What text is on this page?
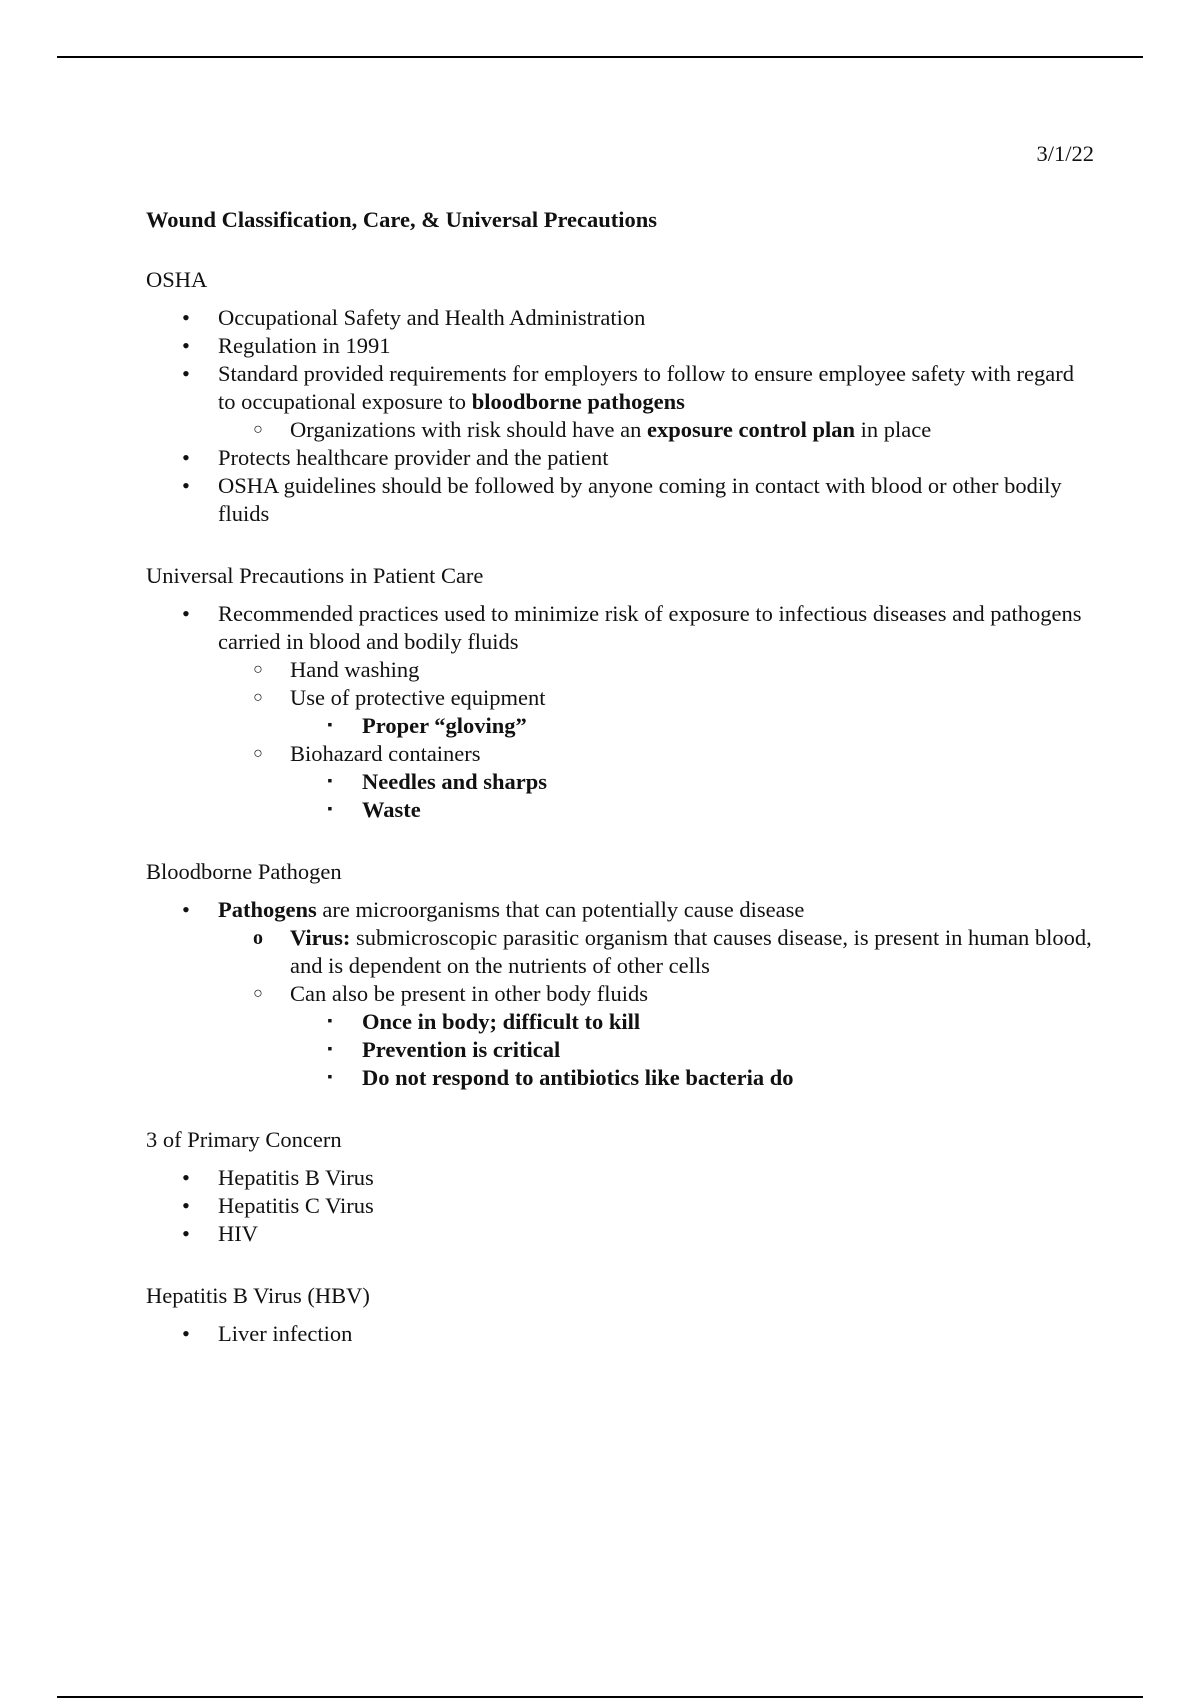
3/1/22

Wound Classification, Care, & Universal Precautions

OSHA

• Occupational Safety and Health Administration
• Regulation in 1991
• Standard provided requirements for employers to follow to ensure employee safety with regard to occupational exposure to bloodborne pathogens
○ Organizations with risk should have an exposure control plan in place
• Protects healthcare provider and the patient
• OSHA guidelines should be followed by anyone coming in contact with blood or other bodily fluids

Universal Precautions in Patient Care

• Recommended practices used to minimize risk of exposure to infectious diseases and pathogens carried in blood and bodily fluids
○ Hand washing
○ Use of protective equipment
▪	Proper “gloving”
○ Biohazard containers
▪	Needles and sharps
▪	Waste

Bloodborne Pathogen

• Pathogens are microorganisms that can potentially cause disease
o Virus: submicroscopic parasitic organism that causes disease, is present in human blood, and is dependent on the nutrients of other cells
○ Can also be present in other body fluids
▪	Once in body; difficult to kill
▪	Prevention is critical
▪	Do not respond to antibiotics like bacteria do

3 of Primary Concern

• Hepatitis B Virus
• Hepatitis C Virus
• HIV

Hepatitis B Virus (HBV)

• Liver infection
